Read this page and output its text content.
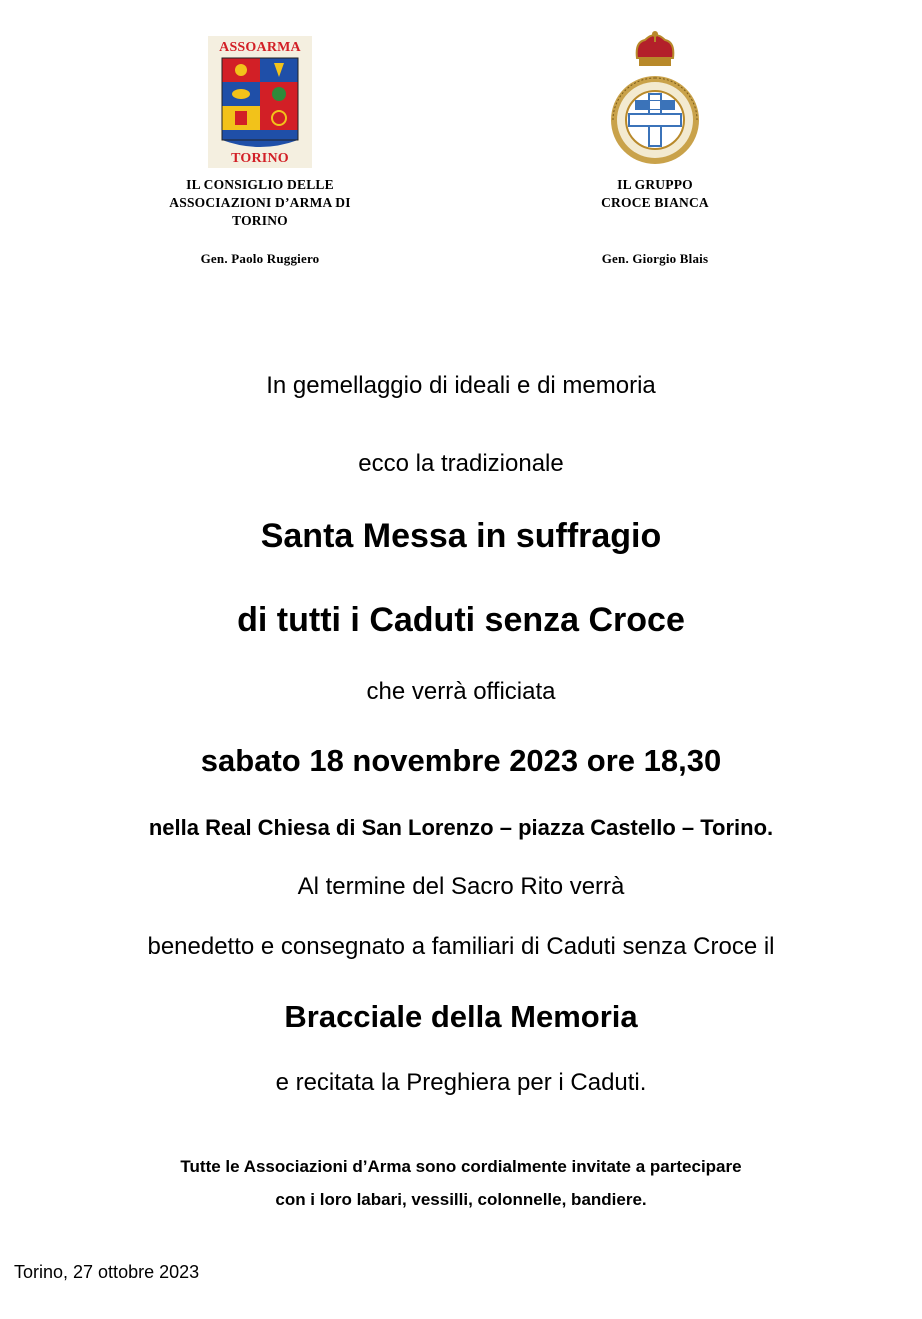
ASSOARMA
TORINO
IL CONSIGLIO DELLE
ASSOCIAZIONI D’ARMA DI
TORINO
Gen. Paolo Ruggiero
IL GRUPPO
CROCE BIANCA
Gen. Giorgio Blais
In gemellaggio di ideali e di memoria
ecco la tradizionale
Santa Messa in suffragio
di tutti i Caduti senza Croce
che verrà officiata
sabato 18 novembre 2023 ore 18,30
nella Real Chiesa di San Lorenzo – piazza Castello – Torino.
Al termine del Sacro Rito verrà
benedetto e consegnato a familiari di Caduti senza Croce il
Bracciale della Memoria
e recitata la Preghiera per i Caduti.
Tutte le Associazioni d’Arma sono cordialmente invitate a partecipare
con i loro labari, vessilli, colonnelle, bandiere.
Torino, 27 ottobre 2023
